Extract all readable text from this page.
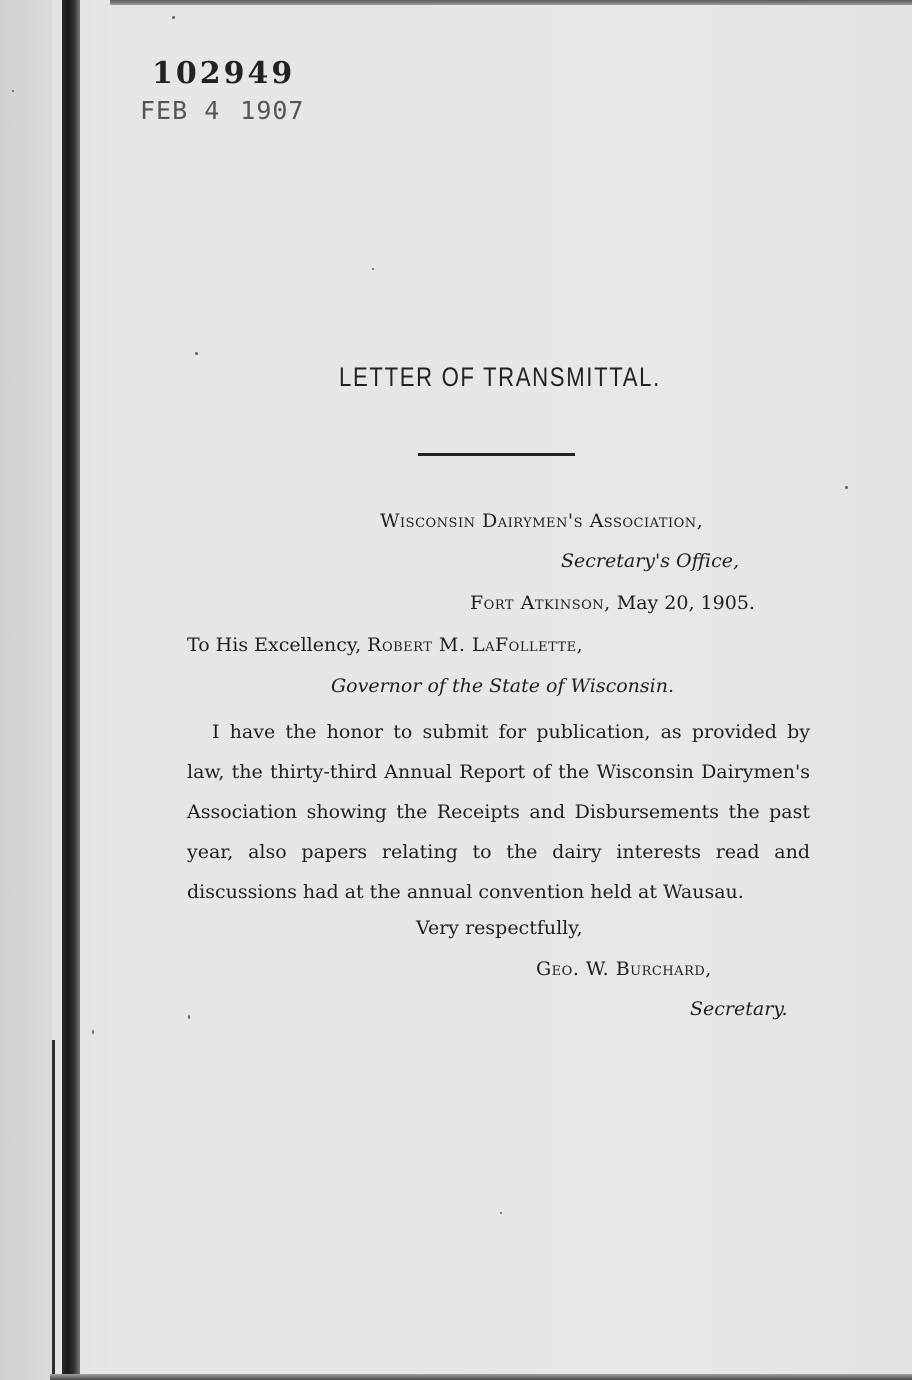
102949
FEB 4 1907
LETTER OF TRANSMITTAL.
Wisconsin Dairymen's Association,
Secretary's Office,
Fort Atkinson, May 20, 1905.
To His Excellency, Robert M. LaFollette,
Governor of the State of Wisconsin.
I have the honor to submit for publication, as provided by law, the thirty-third Annual Report of the Wisconsin Dairymen's Association showing the Receipts and Disbursements the past year, also papers relating to the dairy interests read and discussions had at the annual convention held at Wausau.
Very respectfully,
Geo. W. Burchard,
Secretary.
